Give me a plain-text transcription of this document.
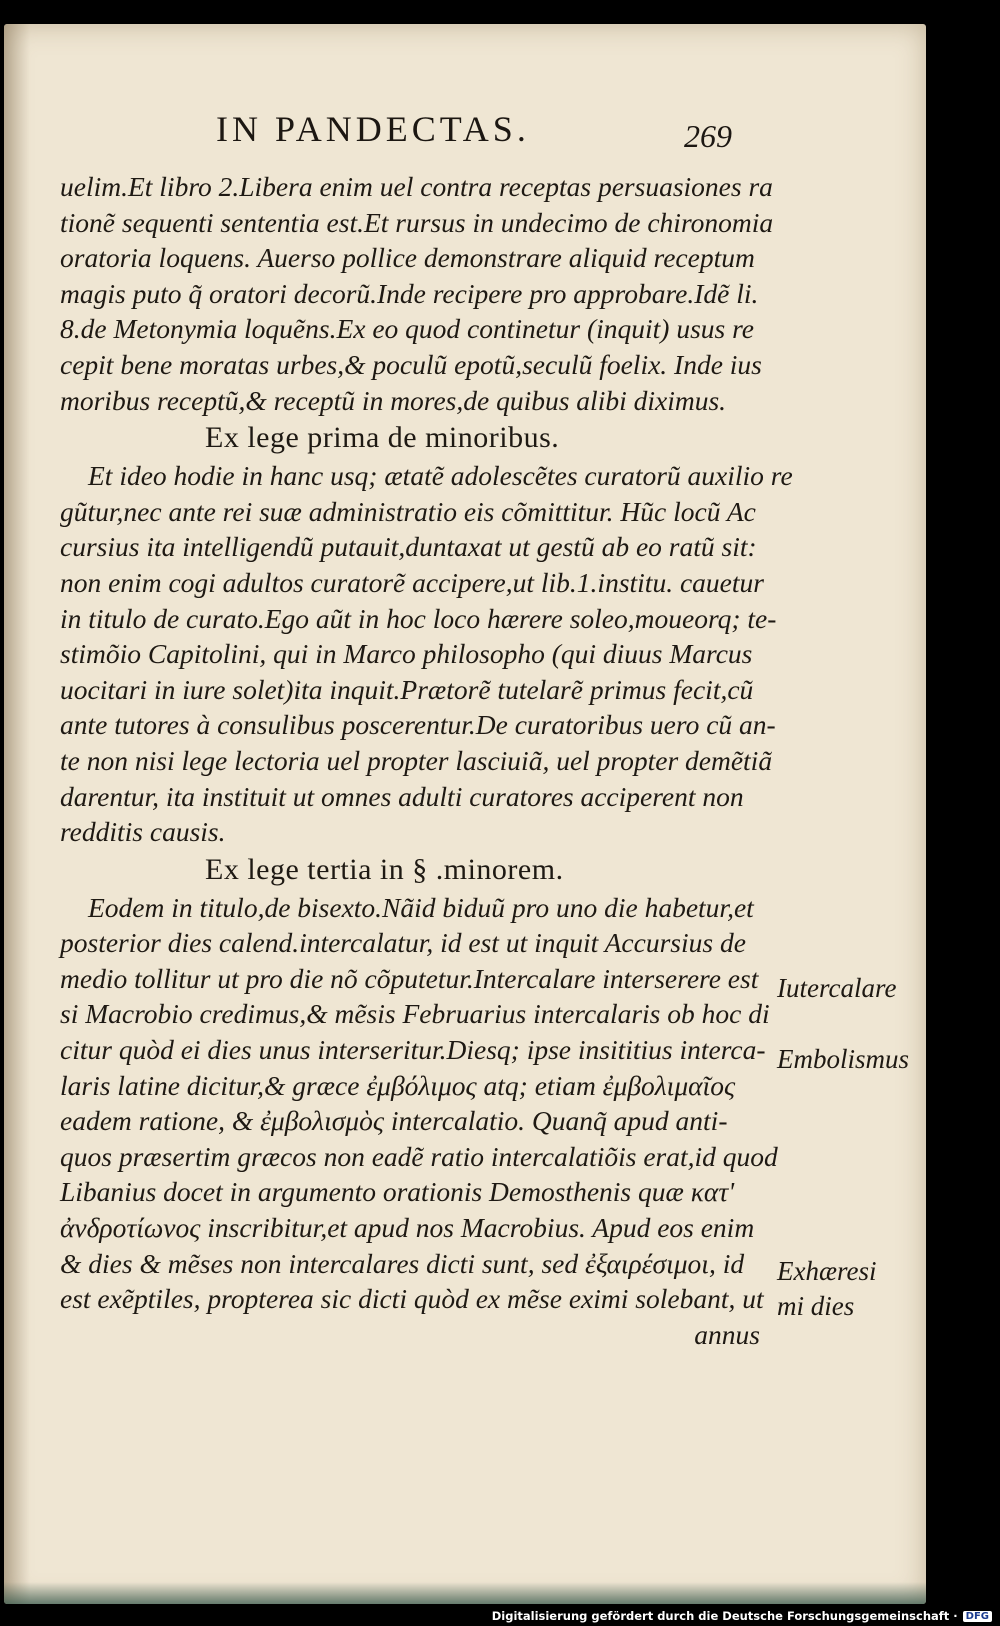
IN PANDECTAS.	269
uelim.Et libro 2.Libera enim uel contra receptas persuasiones ra
tionẽ sequenti sententia est.Et rursus in undecimo de chironomia
oratoria loquens. Auerso pollice demonstrare aliquid receptum
magis puto q̃ oratori decorũ.Inde recipere pro approbare.Idẽ li.
8.de Metonymia loquẽns.Ex eo quod continetur (inquit) usus re
cepit bene moratas urbes,& poculũ epotũ,seculũ foelix. Inde ius
moribus receptũ,& receptũ in mores,de quibus alibi diximus.
Ex lege prima de minoribus.
Et ideo hodie in hanc usq; ætatẽ adolescẽtes curatorũ auxilio re
gũtur,nec ante rei suæ administratio eis cõmittitur. Hũc locũ Ac
cursius ita intelligendũ putauit,duntaxat ut gestũ ab eo ratũ sit:
non enim cogi adultos curatorẽ accipere,ut lib.1.institu. cauetur
in titulo de curato.Ego aũt in hoc loco hærere soleo,moueorq; te-
stimõio Capitolini, qui in Marco philosopho (qui diuus Marcus
uocitari in iure solet)ita inquit.Prætorẽ tutelarẽ primus fecit,cũ
ante tutores à consulibus poscerentur.De curatoribus uero cũ an-
te non nisi lege lectoria uel propter lasciuiã, uel propter demẽtiã
darentur, ita instituit ut omnes adulti curatores acciperent non
redditis causis.
Ex lege tertia in § .minorem.
Eodem in titulo,de bisexto.Nãid biduũ pro uno die habetur,et
posterior dies calend.intercalatur, id est ut inquit Accursius de
medio tollitur ut pro die nõ cõputetur.Intercalare interserere est
si Macrobio credimus,& mẽsis Februarius intercalaris ob hoc di
citur quòd ei dies unus interseritur.Diesq; ipse insititius interca-
laris latine dicitur,& græce ἐμβόλιμος atq; etiam ἐμβολιμαῖος
eadem ratione, & ἐμβολισμὸς intercalatio. Quanq̃ apud anti-
quos præsertim græcos non eadẽ ratio intercalatiõis erat,id quod
Libanius docet in argumento orationis Demosthenis quæ κατ'
ἀνδροτίωνος inscribitur,et apud nos Macrobius. Apud eos enim
& dies & mẽses non intercalares dicti sunt, sed ἐξαιρέσιμοι, id
est exẽptiles, propterea sic dicti quòd ex mẽse eximi solebant, ut
annus
Iutercalare
Embolismus
Exhæresi
mi dies
Digitalisierung gefördert durch die Deutsche Forschungsgemeinschaft · DFG
